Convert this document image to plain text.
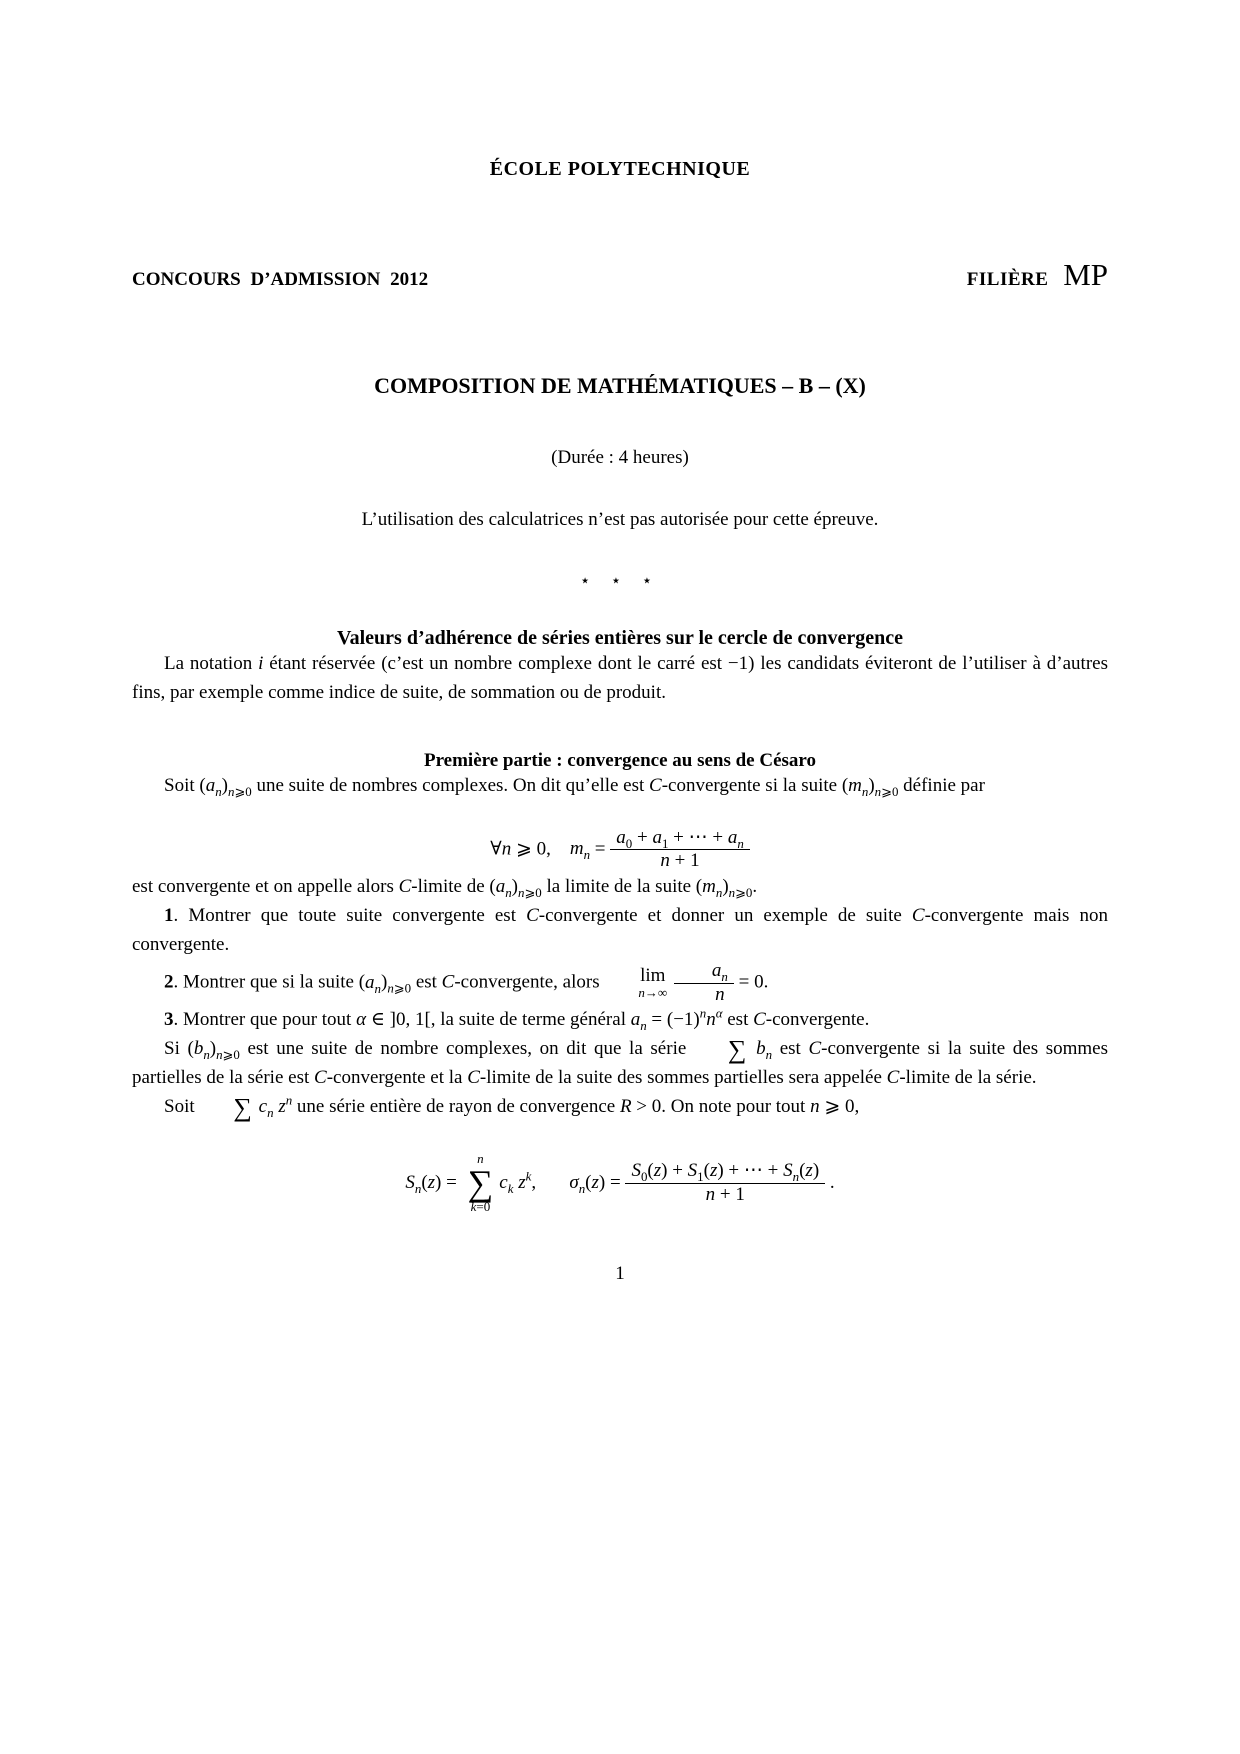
ÉCOLE POLYTECHNIQUE
CONCOURS D’ADMISSION 2012	FILIÈRE MP
COMPOSITION DE MATHÉMATIQUES – B – (X)
(Durée : 4 heures)
L’utilisation des calculatrices n’est pas autorisée pour cette épreuve.
⋆ ⋆ ⋆
Valeurs d’adhérence de séries entières sur le cercle de convergence

La notation i étant réservée (c’est un nombre complexe dont le carré est −1) les candidats éviteront de l’utiliser à d’autres fins, par exemple comme indice de suite, de sommation ou de produit.

Première partie : convergence au sens de Césaro

Soit $(a_n)_{n⩾0}$ une suite de nombres complexes. On dit qu’elle est C-convergente si la suite $(m_n)_{n⩾0}$ définie par

∀n ⩾ 0,    $m_n = \frac{a_0 + a_1 + \cdots + a_n}{n + 1}$

est convergente et on appelle alors C-limite de $(a_n)_{n⩾0}$ la limite de la suite $(m_n)_{n⩾0}$.

1. Montrer que toute suite convergente est C-convergente et donner un exemple de suite C-convergente mais non convergente.

2. Montrer que si la suite $(a_n)_{n⩾0}$ est C-convergente, alors	lim
n→∞
$\frac{a_n}{n} = 0$.

3. Montrer que pour tout α ∈ ]0, 1[, la suite de terme général $a_n = (-1)^nn^\alpha$ est C-convergente.

Si $(b_n)_{n⩾0}$ est une suite de nombre complexes, on dit que la série ∑ $b_n$ est C-convergente si la suite des sommes partielles de la série est C-convergente et la C-limite de la suite des sommes partielles sera appelée C-limite de la série.

Soit ∑ $c_n$ $z^n$ une série entière de rayon de convergence R > 0. On note pour tout n ⩾ 0,

$S_n(z)$ =
n
∑
k=0
$c_k$ $z^k$,       $\sigma_n(z) = \frac{S_0(z) + S_1(z) + \cdots + S_n(z)}{n + 1}$ .
1
